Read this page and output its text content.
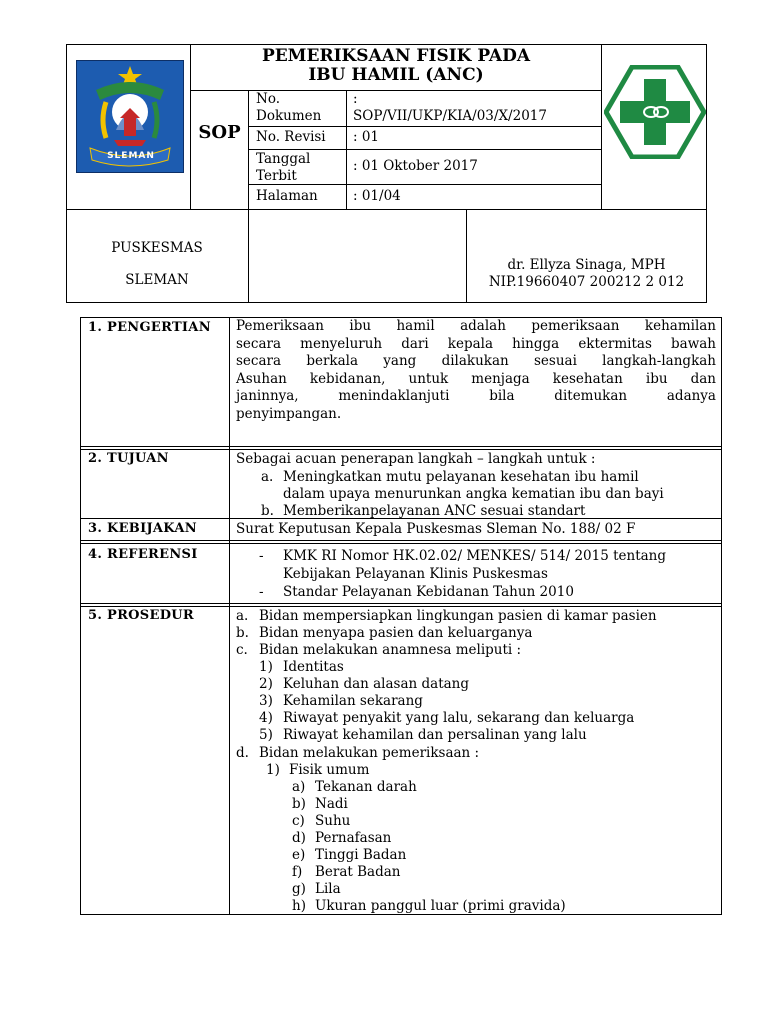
SLEMAN
PEMERIKSAAN FISIK PADA
IBU HAMIL (ANC)
SOP
No.
Dokumen
No. Revisi
Tanggal
Terbit
Halaman
:
SOP/VII/UKP/KIA/03/X/2017
: 01
: 01 Oktober 2017
: 01/04
PUSKESMAS
SLEMAN
dr. Ellyza Sinaga, MPH
NIP.19660407 200212 2 012
1. PENGERTIAN
2. TUJUAN
3. KEBIJAKAN
4. REFERENSI
5. PROSEDUR
Pemeriksaan ibu hamil adalah pemeriksaan kehamilan
secara menyeluruh dari kepala hingga ektermitas bawah
secara berkala yang dilakukan sesuai langkah-langkah
Asuhan kebidanan, untuk menjaga kesehatan ibu dan
janinnya, menindaklanjuti bila ditemukan adanya
penyimpangan.
Sebagai acuan penerapan langkah – langkah untuk :
a. Meningkatkan mutu pelayanan kesehatan ibu hamil
dalam upaya menurunkan angka kematian ibu dan bayi
b. Memberikanpelayanan ANC sesuai standart
Surat Keputusan Kepala Puskesmas Sleman No. 188/ 02 F
- KMK RI Nomor HK.02.02/ MENKES/ 514/ 2015 tentang
Kebijakan Pelayanan Klinis Puskesmas
- Standar Pelayanan Kebidanan Tahun 2010
a. Bidan mempersiapkan lingkungan pasien di kamar pasien
b. Bidan menyapa pasien dan keluarganya
c. Bidan melakukan anamnesa meliputi :
1) Identitas
2) Keluhan dan alasan datang
3) Kehamilan sekarang
4) Riwayat penyakit yang lalu, sekarang dan keluarga
5) Riwayat kehamilan dan persalinan yang lalu
d. Bidan melakukan pemeriksaan :
1) Fisik umum
a) Tekanan darah
b) Nadi
c) Suhu
d) Pernafasan
e) Tinggi Badan
f) Berat Badan
g) Lila
h) Ukuran panggul luar (primi gravida)
